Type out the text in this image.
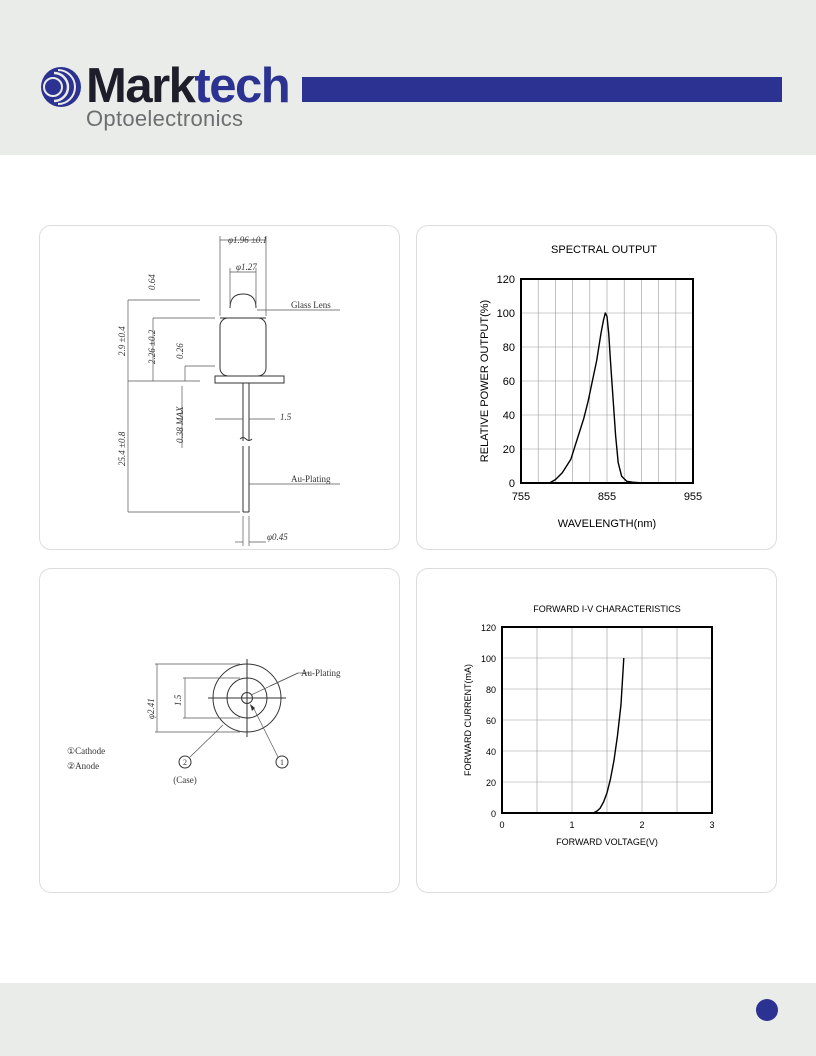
Marktech
Optoelectronics
φ1.96 ±0.1
φ1.27
0.64
2.9 ±0.4 2.26 ±0.2 0.26
0.38 MAX	1.5
25.4 ±0.8
φ0.45
Glass Lens
Au-Plating
SPECTRAL OUTPUT
WAVELENGTH(nm)
RELATIVE POWER OUTPUT(%)
0
20
40
60
80
100
120
755	855	955
φ2.41 1.5
Au-Plating
2	1
①Cathode
②Anode
(Case)
FORWARD I-V CHARACTERISTICS
FORWARD VOLTAGE(V)
FORWARD CURRENT(mA)
0
20
40
60
80
100
120
0	1	2	3
